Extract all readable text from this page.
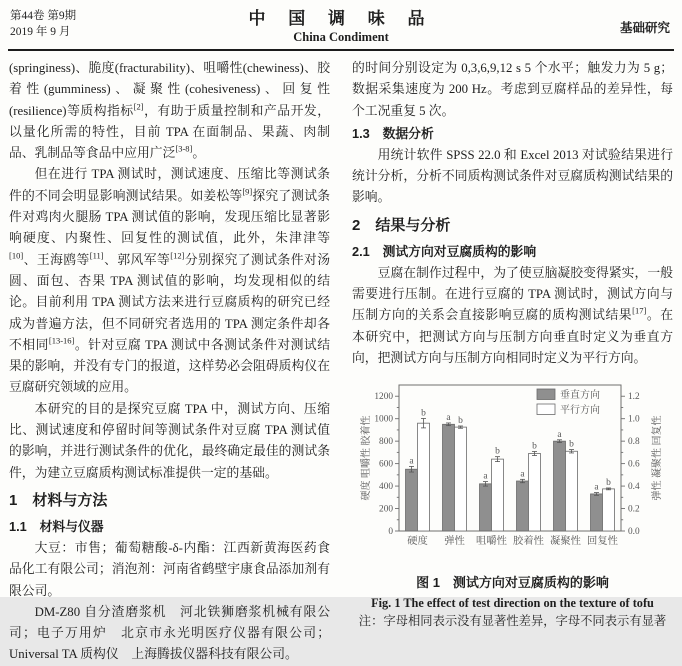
第44卷 第9期
2019 年 9 月
中 国 调 味 品
China Condiment
基础研究

(springiness)、脆度(fracturability)、咀嚼性(chewiness)、胶着性(gumminess)、凝聚性(cohesiveness)、回复性(resilience)等质构指标[2]，有助于质量控制和产品开发，以量化所需的特性，目前 TPA 在面制品、果蔬、肉制品、乳制品等食品中应用广泛[3-8]。

但在进行 TPA 测试时，测试速度、压缩比等测试条件的不同会明显影响测试结果。如姜松等[9]探究了测试条件对鸡肉火腿肠 TPA 测试值的影响，发现压缩比显著影响硬度、内聚性、回复性的测试值，此外，朱津津等[10]、王海鸥等[11]、郭风军等[12]分别探究了测试条件对汤圆、面包、杏果 TPA 测试值的影响，均发现相似的结论。目前利用 TPA 测试方法来进行豆腐质构的研究已经成为普遍方法，但不同研究者选用的 TPA 测定条件却各不相同[13-16]。针对豆腐 TPA 测试中各测试条件对测试结果的影响，并没有专门的报道，这样势必会阻碍质构仪在豆腐研究领域的应用。

本研究的目的是探究豆腐 TPA 中，测试方向、压缩比、测试速度和停留时间等测试条件对豆腐 TPA 测试值的影响，并进行测试条件的优化，最终确定最佳的测试条件，为建立豆腐质构测试标准提供一定的基础。

1　材料与方法
1.1　材料与仪器

大豆：市售；葡萄糖酸-δ-内酯：江西新黄海医药食品化工有限公司；消泡剂：河南省鹤壁宇康食品添加剂有限公司。

DM-Z80 自分渣磨浆机　河北铁狮磨浆机械有限公司；电子万用炉　北京市永光明医疗仪器有限公司；Universal TA 质构仪　上海腾拔仪器科技有限公司。

的时间分别设定为 0,3,6,9,12 s 5 个水平；触发力为 5 g；数据采集速度为 200 Hz。考虑到豆腐样品的差异性，每个工况重复 5 次。

1.3　数据分析

用统计软件 SPSS 22.0 和 Excel 2013 对试验结果进行统计分析，分析不同质构测试条件对豆腐质构测试结果的影响。

2　结果与分析
2.1　测试方向对豆腐质构的影响

豆腐在制作过程中，为了使豆脑凝胶变得紧实，一般需要进行压制。在进行豆腐的 TPA 测试时，测试方向与压制方向的关系会直接影响豆腐的质构测试结果[17]。在本研究中，把测试方向与压制方向垂直时定义为垂直方向，把测试方向与压制方向相同时定义为平行方向。

0	0.0
200	0.2
400	0.4
600	0.6
800	0.8
1000	1.0
1200	1.2
硬度 咀嚼性 胶着性	弹性 凝聚性 回复性
a
b
硬度
a b
弹性
a
b
咀嚼性
a
b
胶着性
a
b
凝聚性
a b
回复性
垂直方向
平行方向
图 1　测试方向对豆腐质构的影响
Fig. 1 The effect of test direction on the texture of tofu
注：字母相同表示没有显著性差异，字母不同表示有显著
